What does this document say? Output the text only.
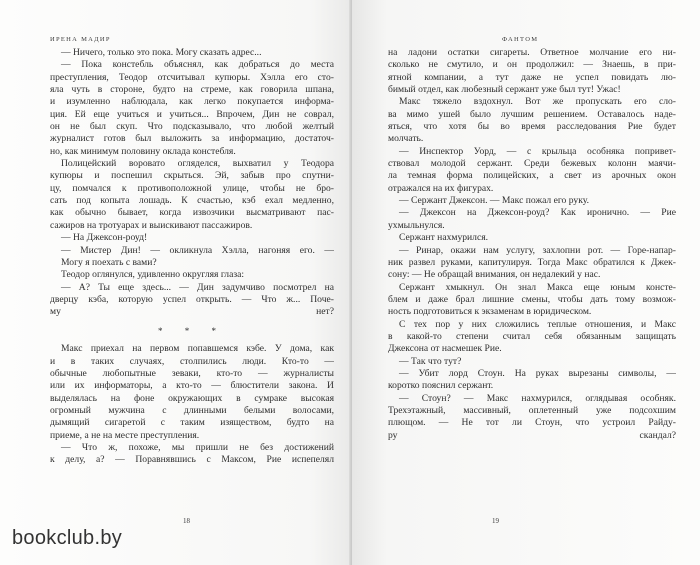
ИРЕНА МАДИР
— Ничего, только это пока. Могу сказать адрес...
— Пока констебль объяснял, как добраться до места
преступления, Теодор отсчитывал купюры. Хэлла его сто-
яла чуть в стороне, будто на стреме, как говорила шпана,
и изумленно наблюдала, как легко покупается информа-
ция. Ей еще учиться и учиться... Впрочем, Дин не соврал,
он не был скуп. Что подсказывало, что любой желтый
журналист готов был выложить за информацию, достаточ-
но, как минимум половину оклада констебля.
Полицейский вороватo огляделся, выхватил у Теодора
купюры и поспешил скрыться. Эй, забыв про спутни-
цу, помчался к противоположной улице, чтобы не бро-
сать под копыта лошадь. К счастью, кэб ехал медленно,
как обычно бывает, когда извозчики высматривают пас-
сажиров на тротуарах и выискивают пассажиров.
— На Джексон-роуд!
— Мистер Дин! — окликнула Хэлла, нагоняя его. —
Могу я поехать с вами?
Теодор оглянулся, удивленно округляя глаза:
— А? Ты еще здесь... — Дин задумчиво посмотрел на
дверцу кэба, которую успел открыть. — Что ж... Поче-
му нет?
* * *
Макс приехал на первом попавшемся кэбе. У дома, как
и в таких случаях, столпились люди. Кто-то —
обычные любопытные зеваки, кто-то — журналисты
или их информаторы, а кто-то — блюстители закона. И
выделялась на фоне окружающих в сумраке высокая
огромный мужчина с длинными белыми волосами,
дымящий сигаретой с таким изяществом, будто на
приеме, а не на месте преступления.
— Что ж, похоже, мы пришли не без достижений
к делу, а? — Поравнявшись с Максом, Рие испепелял
18
ФАНТОМ
на ладони остатки сигареты. Ответное молчание его ни-
сколько не смутило, и он продолжил: — Знаешь, в при-
ятной компании, а тут даже не успел повидать лю-
бимый отдел, как любезный сержант уже был тут! Ужас!
Макс тяжело вздохнул. Вот же пропускать его сло-
ва мимо ушей было лучшим решением. Оставалось наде-
яться, что хотя бы во время расследования Рие будет
молчать.
— Инспектор Уорд, — с крыльца особняка попривет-
ствовал молодой сержант. Среди бежевых колонн маячи-
ла темная форма полицейских, а свет из арочных окон
отражался на их фигурах.
— Сержант Джексон. — Макс пожал его руку.
— Джексон на Джексон-роуд? Как иронично. — Рие
ухмыльнулся.
Сержант нахмурился.
— Ринар, окажи нам услугу, захлопни рот. — Горе-напар-
ник развел руками, капитулируя. Тогда Макс обратился к Джек-
сону: — Не обращай внимания, он недалекий у нас.
Сержант хмыкнул. Он знал Макса еще юным консте-
блем и даже брал лишние смены, чтобы дать тому возмож-
ность подготовиться к экзаменам в юридическом.
С тех пор у них сложились теплые отношения, и Макс
в какой-то степени считал себя обязанным защищать
Джексона от насмешек Рие.
— Так что тут?
— Убит лорд Стоун. На руках вырезаны символы, —
коротко пояснил сержант.
— Стоун? — Макс нахмурился, оглядывая особняк.
Трехэтажный, массивный, оплетенный уже подсохшим
плющом. — Не тот ли Стоун, что устроил Райду-
ру скандал?
19
bookclub.by
